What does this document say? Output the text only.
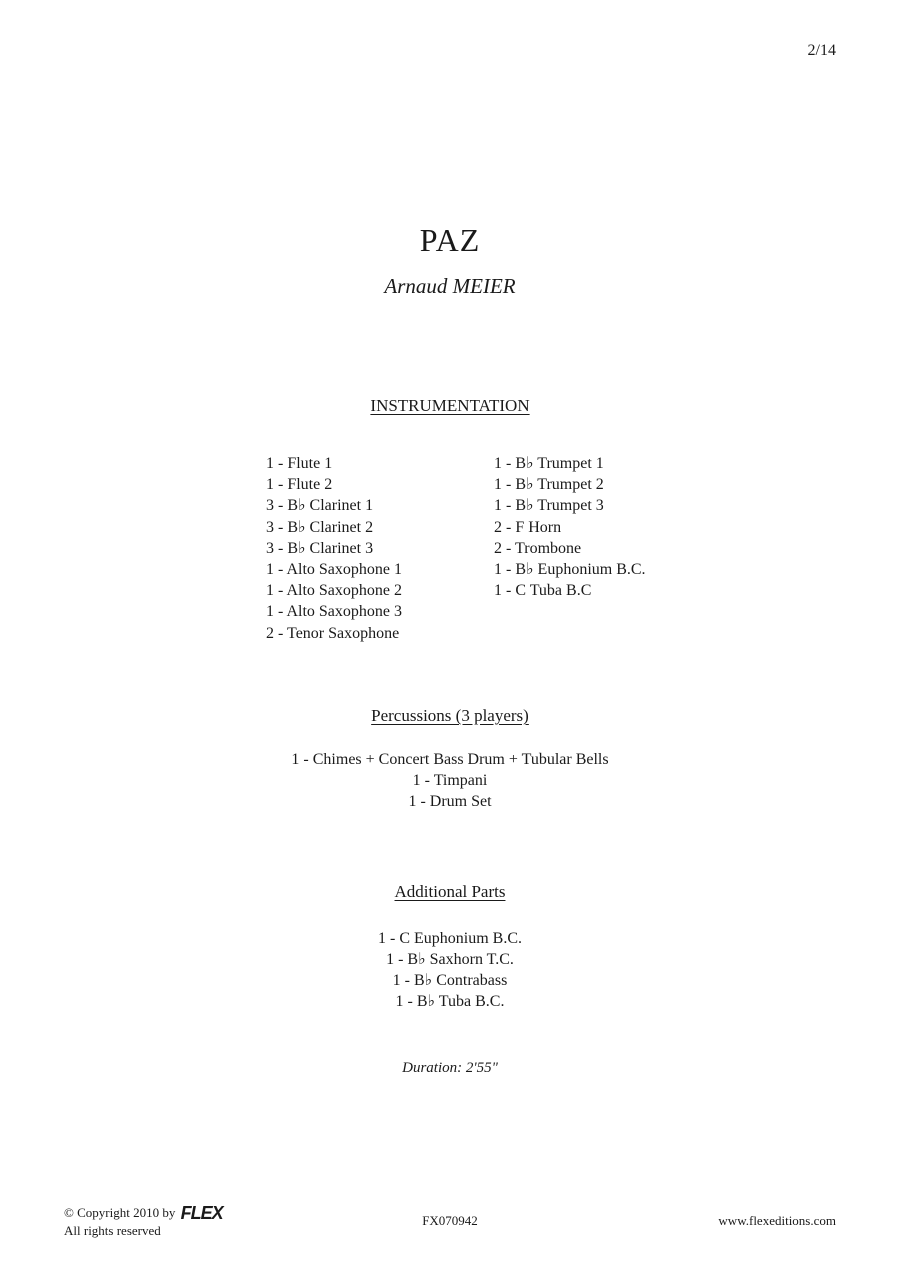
2/14
PAZ
Arnaud MEIER
INSTRUMENTATION
1 - Flute 1
1 - Flute 2
3 - B♭ Clarinet 1
3 - B♭ Clarinet 2
3 - B♭ Clarinet 3
1 - Alto Saxophone 1
1 - Alto Saxophone 2
1 - Alto Saxophone 3
2 - Tenor Saxophone
1 - B♭ Trumpet 1
1 - B♭ Trumpet 2
1 - B♭ Trumpet 3
2 - F Horn
2 - Trombone
1 - B♭ Euphonium B.C.
1 - C Tuba B.C
Percussions (3 players)
1 - Chimes + Concert Bass Drum + Tubular Bells
1 - Timpani
1 - Drum Set
Additional Parts
1 - C Euphonium B.C.
1 - B♭ Saxhorn T.C.
1 - B♭ Contrabass
1 - B♭ Tuba B.C.
Duration: 2'55"
© Copyright 2010 by FLEX
All rights reserved
FX070942	www.flexeditions.com
